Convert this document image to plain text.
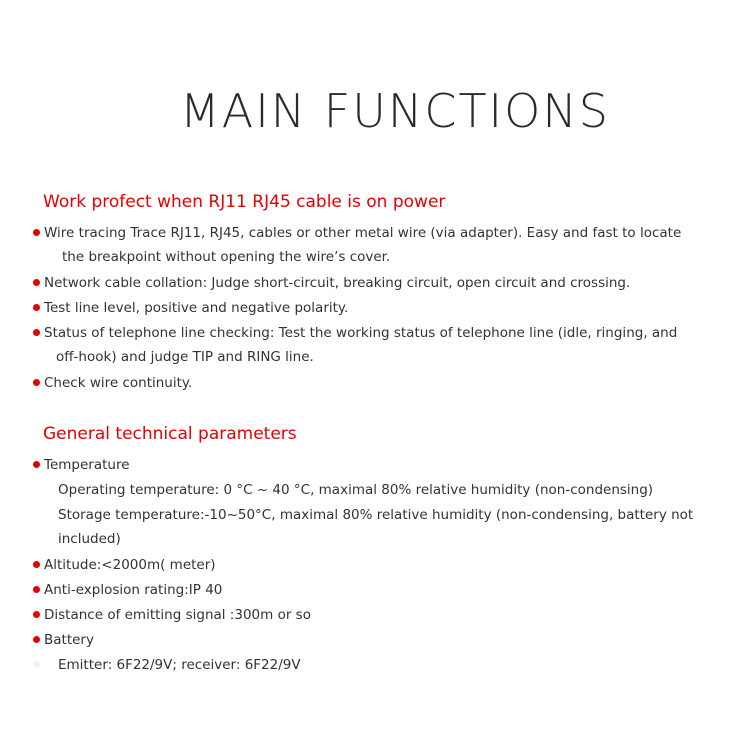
MAIN FUNCTIONS
Work profect when RJ11 RJ45 cable is on power
Wire tracing Trace RJ11, RJ45, cables or other metal wire (via adapter). Easy and fast to locate
the breakpoint without opening the wire’s cover.
Network cable collation: Judge short-circuit, breaking circuit, open circuit and crossing.
Test line level, positive and negative polarity.
Status of telephone line checking: Test the working status of telephone line (idle, ringing, and
off-hook) and judge TIP and RING line.
Check wire continuity.
General technical parameters
Temperature
Operating temperature: 0 °C ~ 40 °C, maximal 80% relative humidity (non-condensing)
Storage temperature:-10~50°C, maximal 80% relative humidity (non-condensing, battery not
included)
Altitude:<2000m( meter)
Anti-explosion rating:IP 40
Distance of emitting signal :300m or so
Battery
Emitter: 6F22/9V; receiver: 6F22/9V
